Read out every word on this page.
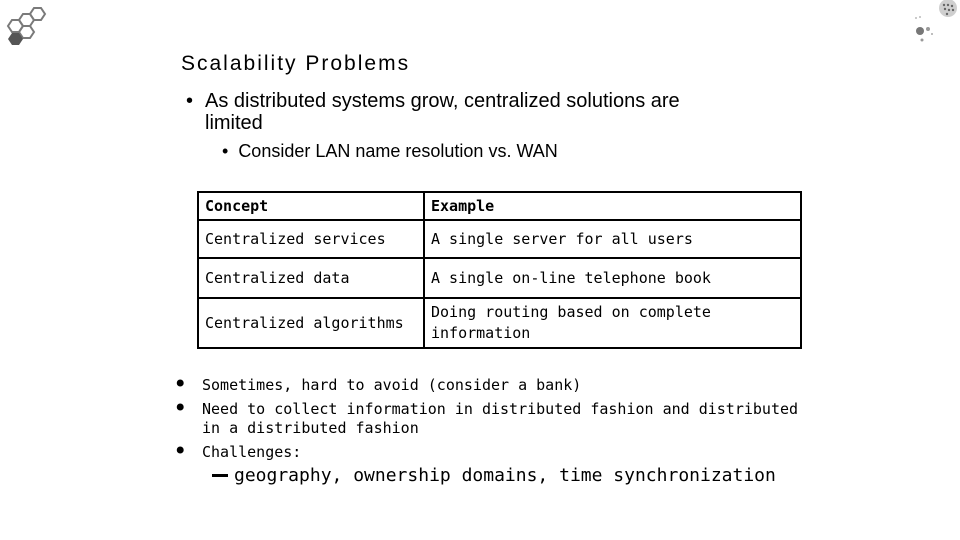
Scalability Problems
• As distributed systems grow, centralized solutions are
limited
• Consider LAN name resolution vs. WAN
Concept	Example
Centralized services	A single server for all users
Centralized data	A single on-line telephone book
Centralized algorithms	Doing routing based on complete
information
• Sometimes, hard to avoid (consider a bank)
• Need to collect information in distributed fashion and distributed
in a distributed fashion
• Challenges:
geography, ownership domains, time synchronization
